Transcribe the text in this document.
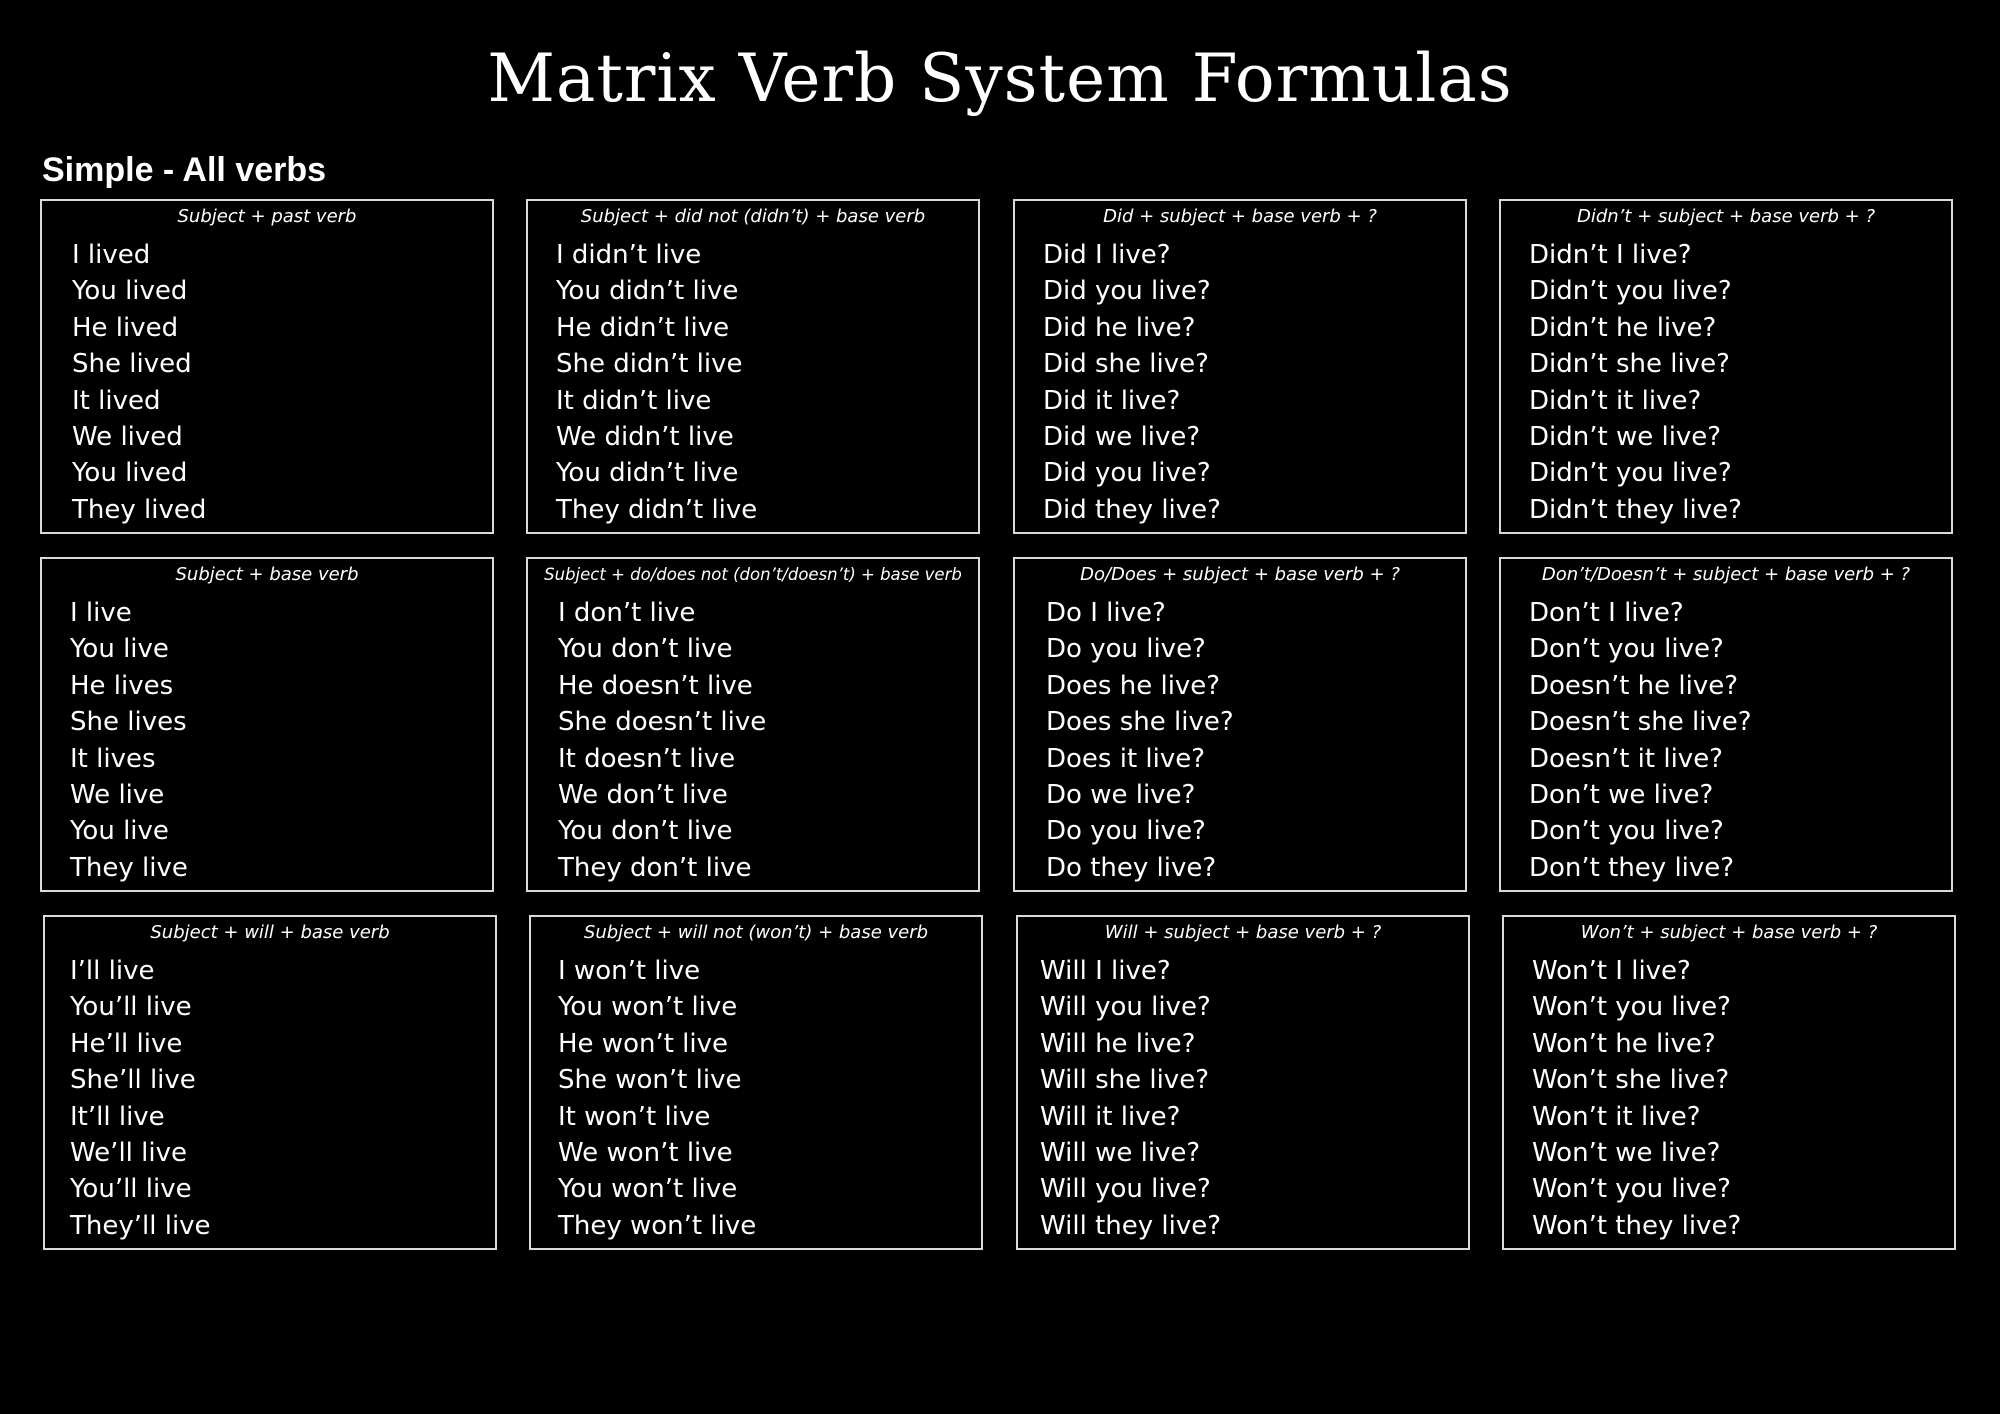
Matrix Verb System Formulas
Simple - All verbs
Subject + past verb
I lived
You lived
He lived
She lived
It lived
We lived
You lived
They lived
Subject + did not (didn’t) + base verb
I didn’t live
You didn’t live
He didn’t live
She didn’t live
It didn’t live
We didn’t live
You didn’t live
They didn’t live
Did + subject + base verb + ?
Did I live?
Did you live?
Did he live?
Did she live?
Did it live?
Did we live?
Did you live?
Did they live?
Didn’t + subject + base verb + ?
Didn’t I live?
Didn’t you live?
Didn’t he live?
Didn’t she live?
Didn’t it live?
Didn’t we live?
Didn’t you live?
Didn’t they live?
Subject + base verb
I live
You live
He lives
She lives
It lives
We live
You live
They live
Subject + do/does not (don’t/doesn’t) + base verb
I don’t live
You don’t live
He doesn’t live
She doesn’t live
It doesn’t live
We don’t live
You don’t live
They don’t live
Do/Does + subject + base verb + ?
Do I live?
Do you live?
Does he live?
Does she live?
Does it live?
Do we live?
Do you live?
Do they live?
Don’t/Doesn’t + subject + base verb + ?
Don’t I live?
Don’t you live?
Doesn’t he live?
Doesn’t she live?
Doesn’t it live?
Don’t we live?
Don’t you live?
Don’t they live?
Subject + will + base verb
I’ll live
You’ll live
He’ll live
She’ll live
It’ll live
We’ll live
You’ll live
They’ll live
Subject + will not (won’t) + base verb
I won’t live
You won’t live
He won’t live
She won’t live
It won’t live
We won’t live
You won’t live
They won’t live
Will + subject + base verb + ?
Will I live?
Will you live?
Will he live?
Will she live?
Will it live?
Will we live?
Will you live?
Will they live?
Won’t + subject + base verb + ?
Won’t I live?
Won’t you live?
Won’t he live?
Won’t she live?
Won’t it live?
Won’t we live?
Won’t you live?
Won’t they live?
